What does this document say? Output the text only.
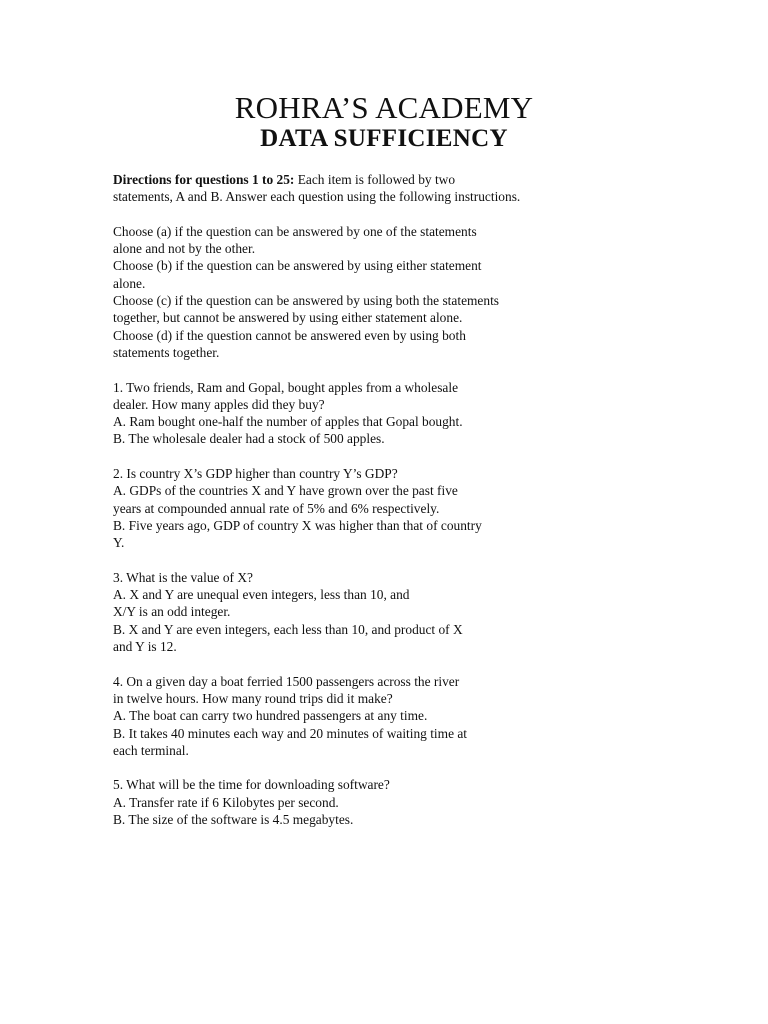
ROHRA’S ACADEMY
DATA SUFFICIENCY
Directions for questions 1 to 25: Each item is followed by two
statements, A and B. Answer each question using the following instructions.
Choose (a) if the question can be answered by one of the statements
alone and not by the other.
Choose (b) if the question can be answered by using either statement
alone.
Choose (c) if the question can be answered by using both the statements
together, but cannot be answered by using either statement alone.
Choose (d) if the question cannot be answered even by using both
statements together.
1. Two friends, Ram and Gopal, bought apples from a wholesale
dealer. How many apples did they buy?
A. Ram bought one-half the number of apples that Gopal bought.
B. The wholesale dealer had a stock of 500 apples.
2. Is country X’s GDP higher than country Y’s GDP?
A. GDPs of the countries X and Y have grown over the past five
years at compounded annual rate of 5% and 6% respectively.
B. Five years ago, GDP of country X was higher than that of country
Y.
3. What is the value of X?
A. X and Y are unequal even integers, less than 10, and
X/Y is an odd integer.
B. X and Y are even integers, each less than 10, and product of X
and Y is 12.
4. On a given day a boat ferried 1500 passengers across the river
in twelve hours. How many round trips did it make?
A. The boat can carry two hundred passengers at any time.
B. It takes 40 minutes each way and 20 minutes of waiting time at
each terminal.
5. What will be the time for downloading software?
A. Transfer rate if 6 Kilobytes per second.
B. The size of the software is 4.5 megabytes.
